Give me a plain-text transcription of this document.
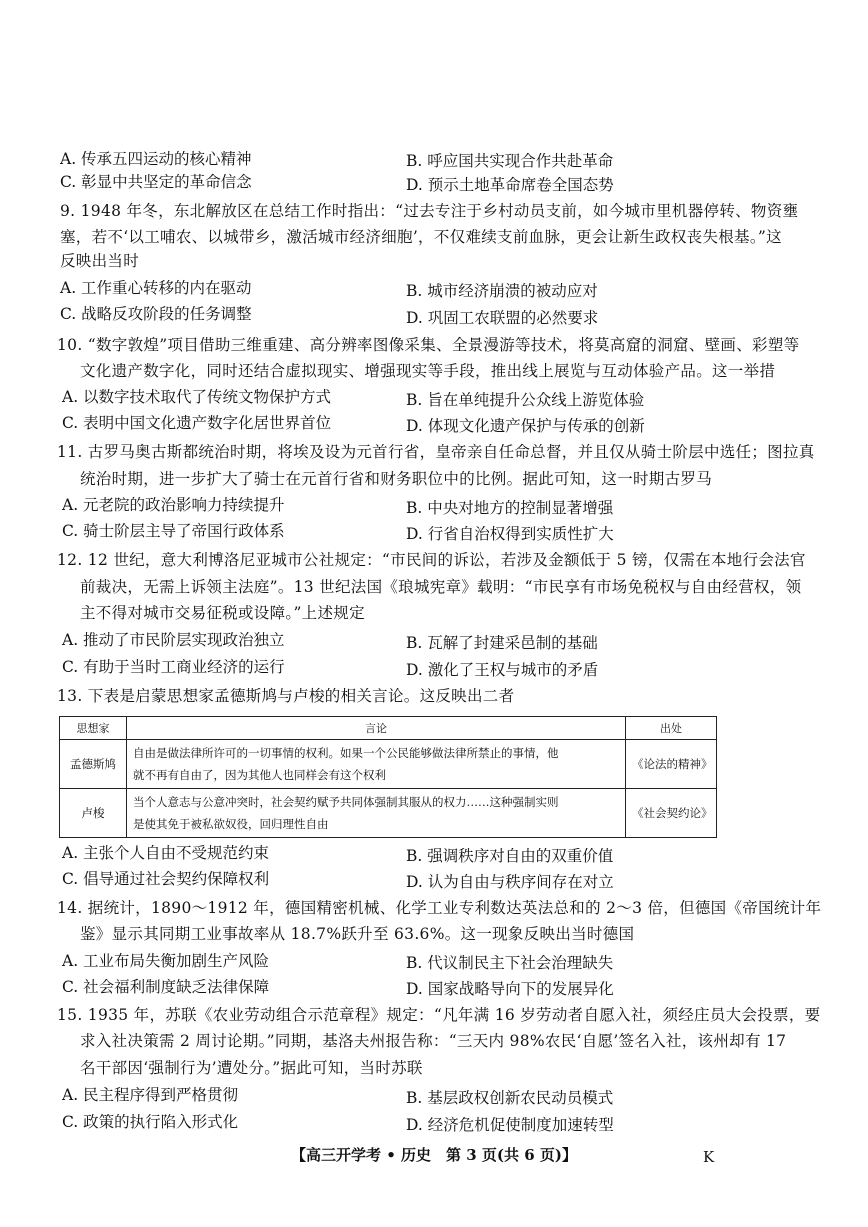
A. 传承五四运动的核心精神	B. 呼应国共实现合作共赴革命
C. 彰显中共坚定的革命信念	D. 预示土地革命席卷全国态势
9. 1948 年冬，东北解放区在总结工作时指出：“过去专注于乡村动员支前，如今城市里机器停转、物资壅
塞，若不‘以工哺农、以城带乡，激活城市经济细胞’，不仅难续支前血脉，更会让新生政权丧失根基。”这
反映出当时
A. 工作重心转移的内在驱动	B. 城市经济崩溃的被动应对
C. 战略反攻阶段的任务调整	D. 巩固工农联盟的必然要求
10. “数字敦煌”项目借助三维重建、高分辨率图像采集、全景漫游等技术，将莫高窟的洞窟、壁画、彩塑等
文化遗产数字化，同时还结合虚拟现实、增强现实等手段，推出线上展览与互动体验产品。这一举措
A. 以数字技术取代了传统文物保护方式	B. 旨在单纯提升公众线上游览体验
C. 表明中国文化遗产数字化居世界首位	D. 体现文化遗产保护与传承的创新
11. 古罗马奥古斯都统治时期，将埃及设为元首行省，皇帝亲自任命总督，并且仅从骑士阶层中选任；图拉真
统治时期，进一步扩大了骑士在元首行省和财务职位中的比例。据此可知，这一时期古罗马
A. 元老院的政治影响力持续提升	B. 中央对地方的控制显著增强
C. 骑士阶层主导了帝国行政体系	D. 行省自治权得到实质性扩大
12. 12 世纪，意大利博洛尼亚城市公社规定：“市民间的诉讼，若涉及金额低于 5 镑，仅需在本地行会法官
前裁决，无需上诉领主法庭”。13 世纪法国《琅城宪章》载明：“市民享有市场免税权与自由经营权，领
主不得对城市交易征税或设障。”上述规定
A. 推动了市民阶层实现政治独立	B. 瓦解了封建采邑制的基础
C. 有助于当时工商业经济的运行	D. 激化了王权与城市的矛盾
13. 下表是启蒙思想家孟德斯鸠与卢梭的相关言论。这反映出二者
思想家	言论	出处
孟德斯鸠	自由是做法律所许可的一切事情的权利。如果一个公民能够做法律所禁止的事情，他
就不再有自由了，因为其他人也同样会有这个权利	《论法的精神》
卢梭	当个人意志与公意冲突时，社会契约赋予共同体强制其服从的权力……这种强制实则
是使其免于被私欲奴役，回归理性自由	《社会契约论》
A. 主张个人自由不受规范约束	B. 强调秩序对自由的双重价值
C. 倡导通过社会契约保障权利	D. 认为自由与秩序间存在对立
14. 据统计，1890～1912 年，德国精密机械、化学工业专利数达英法总和的 2～3 倍，但德国《帝国统计年
鉴》显示其同期工业事故率从 18.7%跃升至 63.6%。这一现象反映出当时德国
A. 工业布局失衡加剧生产风险	B. 代议制民主下社会治理缺失
C. 社会福利制度缺乏法律保障	D. 国家战略导向下的发展异化
15. 1935 年，苏联《农业劳动组合示范章程》规定：“凡年满 16 岁劳动者自愿入社，须经庄员大会投票，要
求入社决策需 2 周讨论期。”同期，基洛夫州报告称：“三天内 98%农民‘自愿’签名入社，该州却有 17
名干部因‘强制行为’遭处分。”据此可知，当时苏联
A. 民主程序得到严格贯彻	B. 基层政权创新农民动员模式
C. 政策的执行陷入形式化	D. 经济危机促使制度加速转型
【高三开学考 • 历史　第 3 页(共 6 页)】	K
